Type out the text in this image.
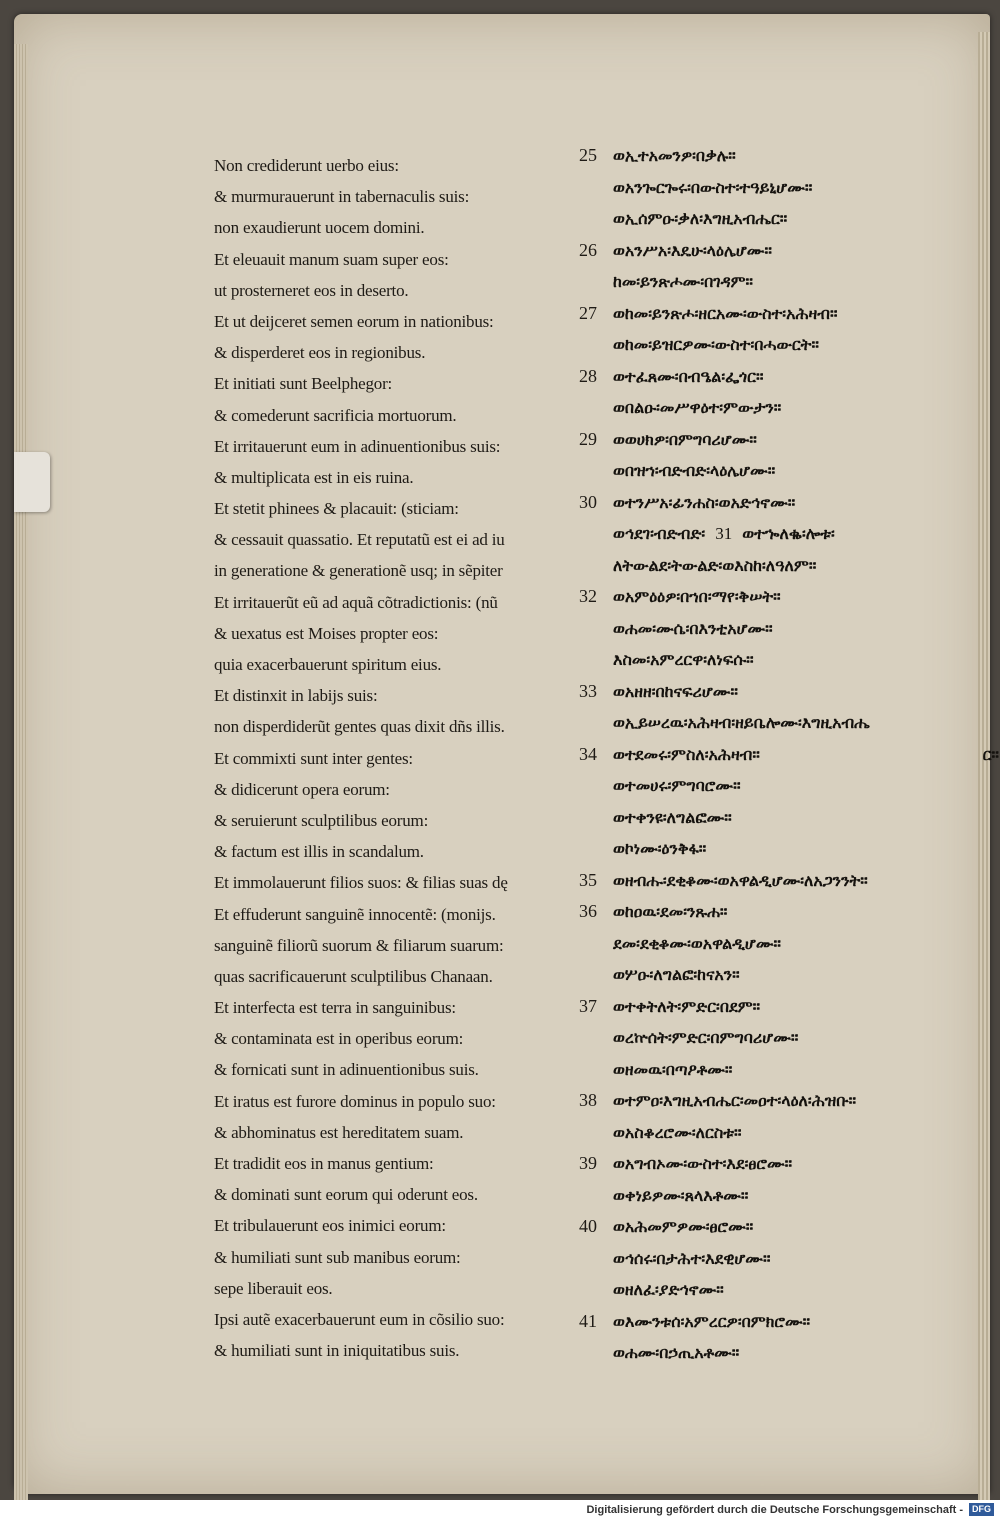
Non crediderunt uerbo eius:
& murmurauerunt in tabernaculis suis:
non exaudierunt uocem domini.
Et eleuauit manum suam super eos:
ut prosterneret eos in deserto.
Et ut deijceret semen eorum in nationibus:
& disperderet eos in regionibus.
Et initiati sunt Beelphegor:
& comederunt sacrificia mortuorum.
Et irritauerunt eum in adinuentionibus suis:
& multiplicata est in eis ruina.
Et stetit phinees & placauit: (sticiam:
& cessauit quassatio. Et reputatũ est ei ad iu
in generatione & generationẽ usq; in sẽpiter
Et irritauerũt eũ ad aquã cõtradictionis: (nũ
& uexatus est Moises propter eos:
quia exacerbauerunt spiritum eius.
Et distinxit in labijs suis:
non disperdiderũt gentes quas dixit dñs illis.
Et commixti sunt inter gentes:
& didicerunt opera eorum:
& seruierunt sculptilibus eorum:
& factum est illis in scandalum.
Et immolauerunt filios suos: & filias suas dę
Et effuderunt sanguinẽ innocentẽ: (monijs.
sanguinẽ filiorũ suorum & filiarum suarum:
quas sacrificauerunt sculptilibus Chanaan.
Et interfecta est terra in sanguinibus:
& contaminata est in operibus eorum:
& fornicati sunt in adinuentionibus suis.
Et iratus est furore dominus in populo suo:
& abhominatus est hereditatem suam.
Et tradidit eos in manus gentium:
& dominati sunt eorum qui oderunt eos.
Et tribulauerunt eos inimici eorum:
& humiliati sunt sub manibus eorum:
sepe liberauit eos.
Ipsi autẽ exacerbauerunt eum in cõsilio suo:
& humiliati sunt in iniquitatibus suis.
25 ወኢተአመንዎ፡በቃሉ።
ወአንጐርጐሩ፡በውስተ፡ተዓይኒሆሙ።
ወኢሰምዑ፡ቃለ፡እግዚአብሔር።
26 ወአንሥአ፡እዴሁ፡ላዕሌሆሙ።
ከመ፡ይንጽሖሙ፡በገዳም።
27 ወከመ፡ይንጽሖ፡ዘርአሙ፡ውስተ፡አሕዛብ።
ወከመ፡ይዝርዎሙ፡ውስተ፡በሓውርት።
28 ወተፈጸሙ፡በብዔል፡ፌጎር።
ወበልዑ፡መሥዋዕተ፡ምውታን።
29 ወወሀክዎ፡በምግባሪሆሙ።
ወበዝኀ፡ብድብድ፡ላዕሌሆሙ።
30 ወተንሥአ፡ፊንሐስ፡ወአድኅኖሙ።
ወኅደገ፡ብድብድ፡ 31 ወተኈለቈ፡ሎቱ፡
ለትውልደ፡ትውልድ፡ወእስከ፡ለዓለም።
32 ወአምዕዕዎ፡በኀበ፡ማየ፡ቅሠት።
ወሐመ፡ሙሴ፡በእንቲአሆሙ።
እስመ፡አምረርዋ፡ለነፍሱ።
33 ወአዘዘ፡በከናፍሪሆሙ።
ወኢይሠረዉ፡አሕዛብ፡ዘይቤሎሙ፡እግዚአብሔ
34 ወተደመሩ፡ምስለ፡አሕዛብ።	ር።
ወተመሀሩ፡ምግባሮሙ።
ወተቀንዩ፡ለግልፎሙ።
ወኮነሙ፡ዕንቅፋ።
35 ወዘብሑ፡ደቂቆሙ፡ወአዋልዲሆሙ፡ለአጋንንት።
36 ወከዐዉ፡ደመ፡ንጹሐ።
ደመ፡ደቂቆሙ፡ወአዋልዲሆሙ።
ወሦዑ፡ለግልፎ፡ከናአን።
37 ወተቀትለት፡ምድር፡በደም።
ወረኵሰት፡ምድር፡በምግባሪሆሙ።
ወዘመዉ፡በጣዖቶሙ።
38 ወተምዐ፡እግዚአብሔር፡መዐተ፡ላዕለ፡ሕዝቡ።
ወአስቆረሮሙ፡ለርስቱ።
39 ወአግብኦሙ፡ውስተ፡እደ፡ፀሮሙ።
ወቀነይዎሙ፡ጸላእቶሙ።
40 ወአሕመምዎሙ፡ፀሮሙ።
ወኅሰሩ፡በታሕተ፡እደዊሆሙ።
ወዘለፈ፡ያድኅኖሙ።
41 ወእሙንቱሰ፡አምረርዎ፡በምክሮሙ።
ወሐሙ፡በኃጢአቶሙ።
Digitalisierung gefördert durch die Deutsche Forschungsgemeinschaft -	DFG
